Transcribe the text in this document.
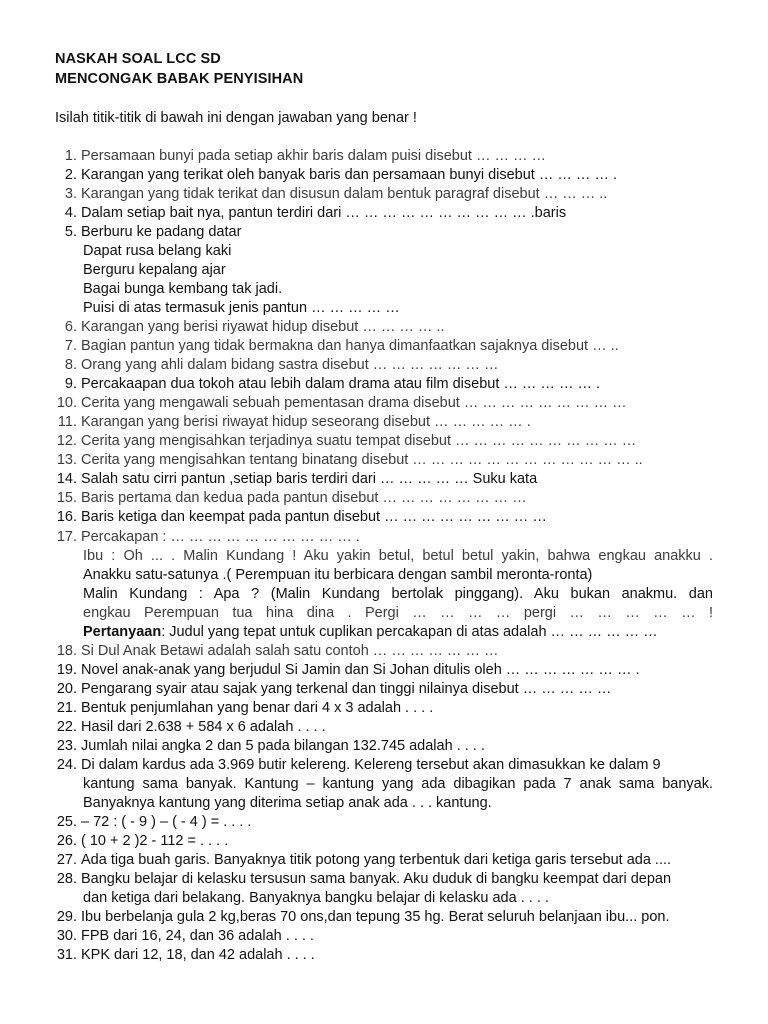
NASKAH SOAL LCC SD
MENCONGAK BABAK PENYISIHAN
Isilah titik-titik di bawah ini dengan jawaban yang benar !
1. Persamaan bunyi pada setiap akhir baris dalam puisi disebut … … … …
2. Karangan yang terikat oleh banyak baris dan persamaan bunyi disebut … … … … .
3. Karangan yang tidak terikat dan disusun dalam bentuk paragraf disebut … … … ..
4. Dalam setiap bait nya, pantun terdiri dari … … … … … … … … … … .baris
5. Berburu ke padang datar
6. Karangan yang berisi riyawat hidup disebut … … … … ..
7. Bagian pantun yang tidak bermakna dan hanya dimanfaatkan sajaknya disebut … ..
8. Orang yang ahli dalam bidang sastra disebut … … … … … … …
9. Percakaapan dua tokoh atau lebih dalam drama atau film disebut … … … … … .
10. Cerita yang mengawali sebuah pementasan drama disebut … … … … … … … … …
11. Karangan yang berisi riwayat hidup seseorang disebut … … … … … .
12. Cerita yang mengisahkan terjadinya suatu tempat disebut … … … … … … … … … …
13. Cerita yang mengisahkan tentang binatang disebut … … … … … … … … … … … … ..
14. Salah satu cirri pantun ,setiap baris terdiri dari … … … … … Suku kata
15. Baris pertama dan kedua pada pantun disebut … … … … … … … …
16. Baris ketiga dan keempat pada pantun disebut … … … … … … … … …
17. Percakapan : … … … … … … … … … … .
18. Si Dul Anak Betawi adalah salah satu contoh … … … … … … …
19. Novel anak-anak yang berjudul Si Jamin dan Si Johan ditulis oleh … … … … … … … .
20. Pengarang syair atau sajak yang terkenal dan tinggi nilainya disebut … … … … …
21. Bentuk penjumlahan yang benar dari 4 x 3 adalah . . . .
22. Hasil dari 2.638 + 584 x 6 adalah . . . .
23. Jumlah nilai angka 2 dan 5 pada bilangan 132.745 adalah . . . .
24. Di dalam kardus ada 3.969 butir kelereng. Kelereng tersebut akan dimasukkan ke dalam 9
25. – 72 : ( - 9 ) – ( - 4 ) = . . . .
26. ( 10 + 2 )2 - 112 = . . . .
27. Ada tiga buah garis. Banyaknya titik potong yang terbentuk dari ketiga garis tersebut ada ....
28. Bangku belajar di kelasku tersusun sama banyak. Aku duduk di bangku keempat dari depan
29. Ibu berbelanja gula 2 kg,beras 70 ons,dan tepung 35 hg. Berat seluruh belanjaan ibu... pon.
30. FPB dari 16, 24, dan 36 adalah . . . .
31. KPK dari 12, 18, dan 42 adalah . . . .
Dapat rusa belang kaki
Berguru kepalang ajar
Bagai bunga kembang tak jadi.
Puisi di atas termasuk jenis pantun … … … … …
Ibu : Oh ... . Malin Kundang ! Aku yakin betul, betul betul yakin, bahwa engkau anakku .
Anakku satu-satunya .( Perempuan itu berbicara dengan sambil meronta-ronta)
Malin Kundang : Apa ? (Malin Kundang bertolak pinggang). Aku bukan anakmu. dan
engkau Perempuan tua hina dina . Pergi … … … … pergi … … … … … !
Pertanyaan: Judul yang tepat untuk cuplikan percakapan di atas adalah … … … … … …
kantung sama banyak. Kantung – kantung yang ada dibagikan pada 7 anak sama banyak.
Banyaknya kantung yang diterima setiap anak ada . . . kantung.
dan ketiga dari belakang. Banyaknya bangku belajar di kelasku ada . . . .
